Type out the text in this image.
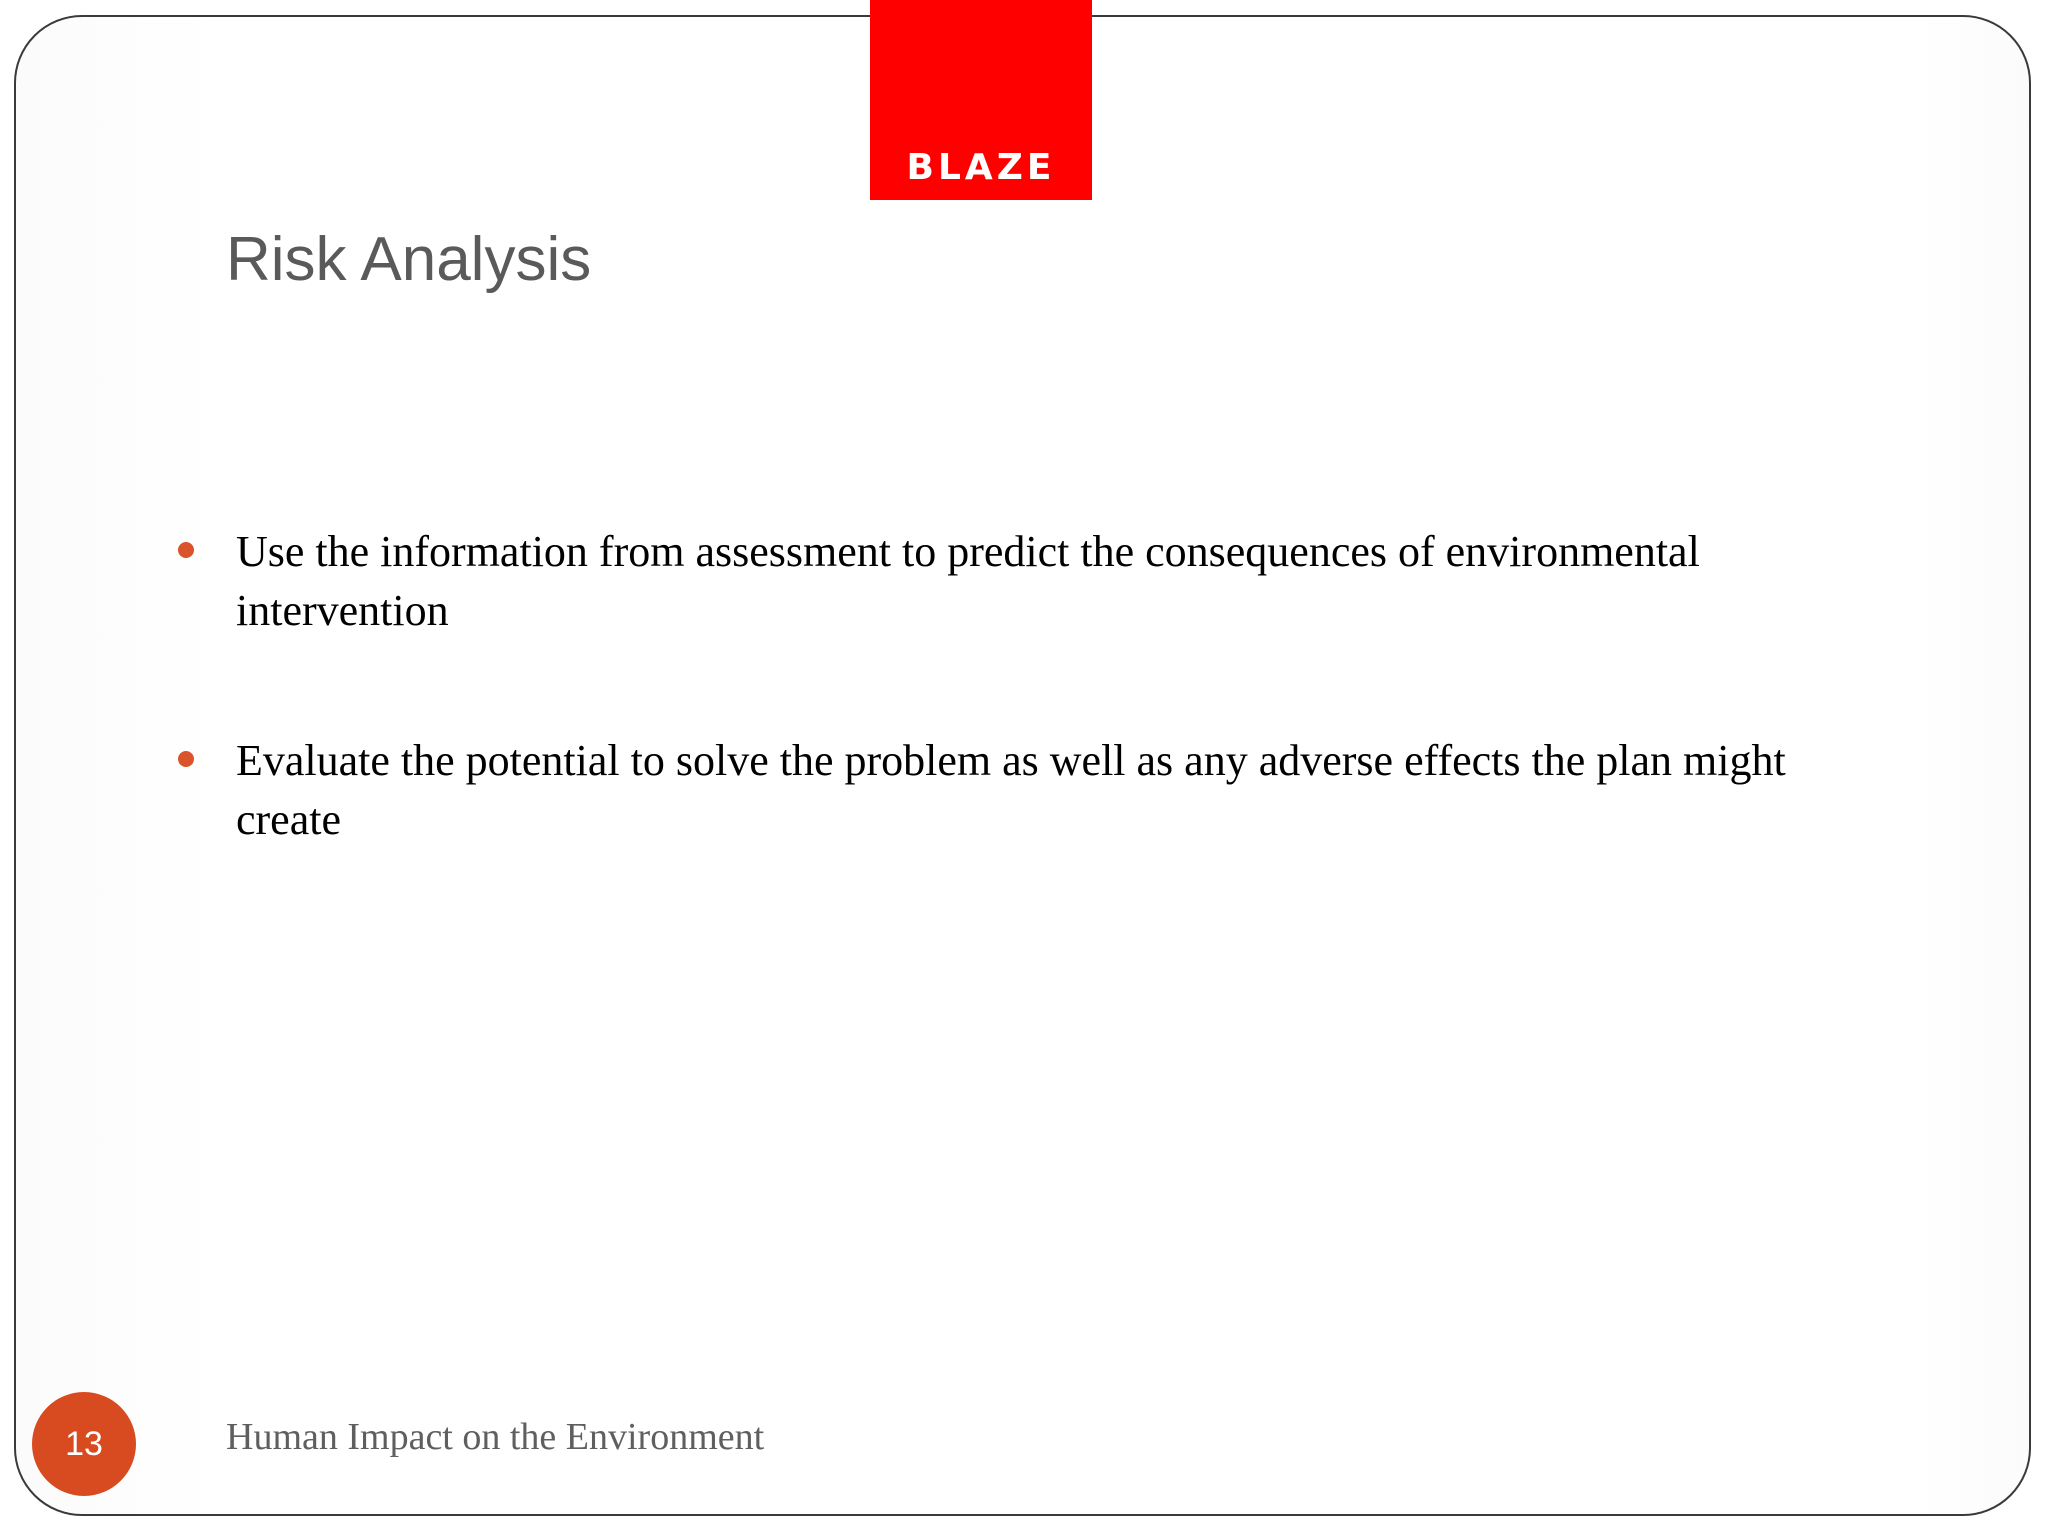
BLAZE
Risk Analysis
Use the information from assessment to predict the consequences of environmental intervention
Evaluate the potential to solve the problem as well as any adverse effects the plan might create
13	Human Impact on the Environment
